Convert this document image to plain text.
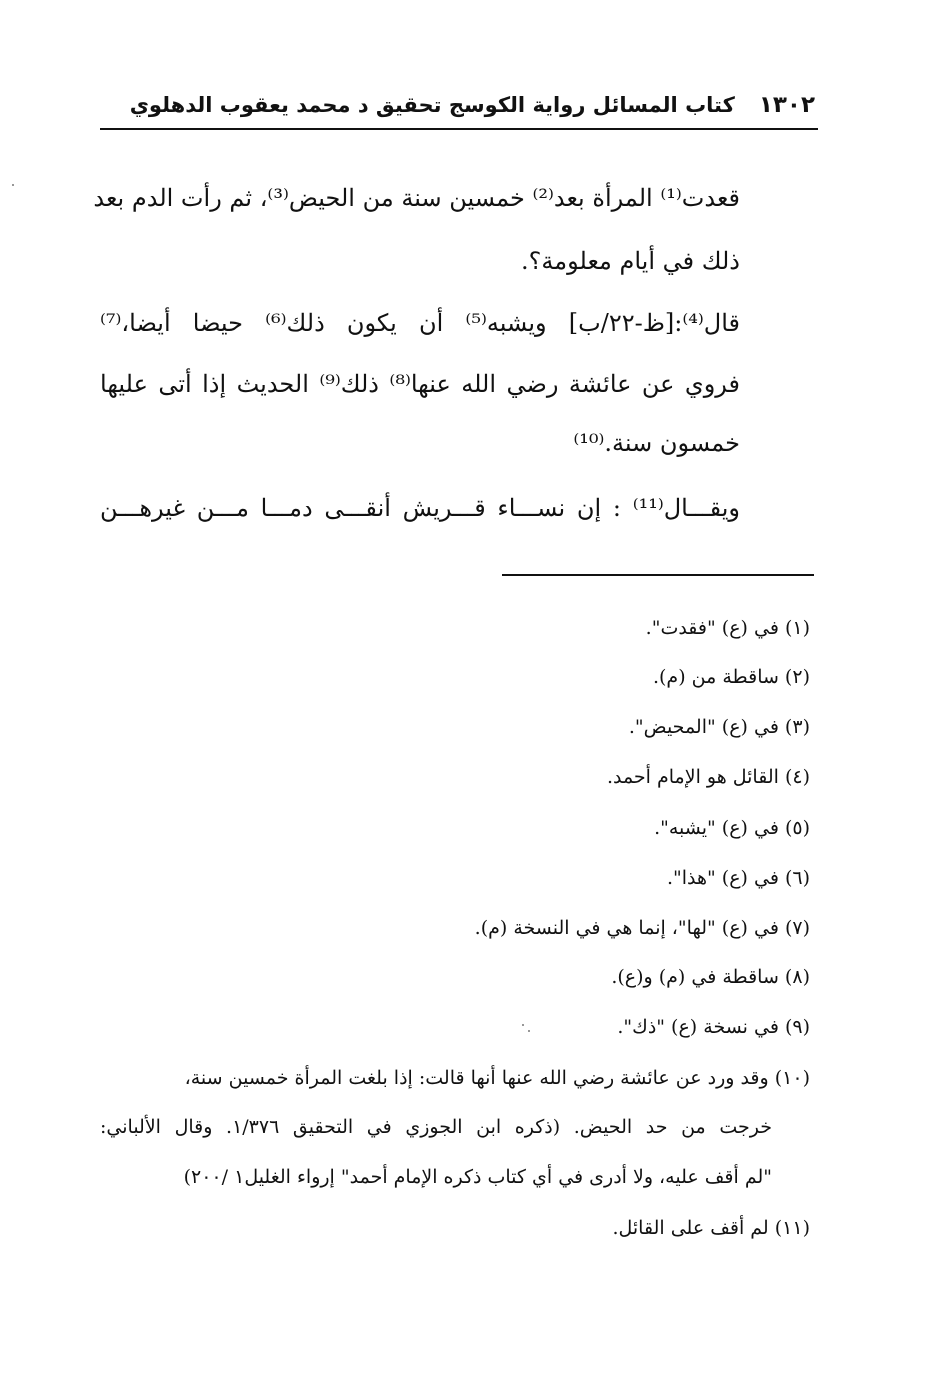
١٣٠٢
كتاب المسائل رواية الكوسج تحقيق د محمد يعقوب الدهلوي
قعدت⁽¹⁾ المرأة بعد⁽²⁾ خمسين سنة من الحيض⁽³⁾، ثم رأت الدم بعد
ذلك في أيام معلومة؟.
قال⁽⁴⁾:[ظ-٢٢/ب] ويشبه⁽⁵⁾ أن يكون ذلك⁽⁶⁾ حيضا أيضا،⁽⁷⁾
فروي عن عائشة رضي الله عنها⁽⁸⁾ ذلك⁽⁹⁾ الحديث إذا أتى عليها
خمسون سنة.⁽¹⁰⁾
ويقـــال⁽¹¹⁾ : إن نســـاء قـــريش أنقـــى دمـــا مـــن غيرهـــن
(١) في (ع) "فقدت".
(٢) ساقطة من (م).
(٣) في (ع) "المحيض".
(٤) القائل هو الإمام أحمد.
(٥) في (ع) "يشبه".
(٦) في (ع) "هذا".
(٧) في (ع) "لها"، إنما هي في النسخة (م).
(٨) ساقطة في (م) و(ع).
(٩) في نسخة (ع) "ذك".
(١٠) وقد ورد عن عائشة رضي الله عنها أنها قالت: إذا بلغت المرأة خمسين سنة،
خرجت من حد الحيض. (ذكره ابن الجوزي في التحقيق ١/٣٧٦. وقال الألباني:
"لم أقف عليه، ولا أدرى في أي كتاب ذكره الإمام أحمد" إرواء الغليل١ /٢٠٠)
(١١) لم أقف على القائل.
